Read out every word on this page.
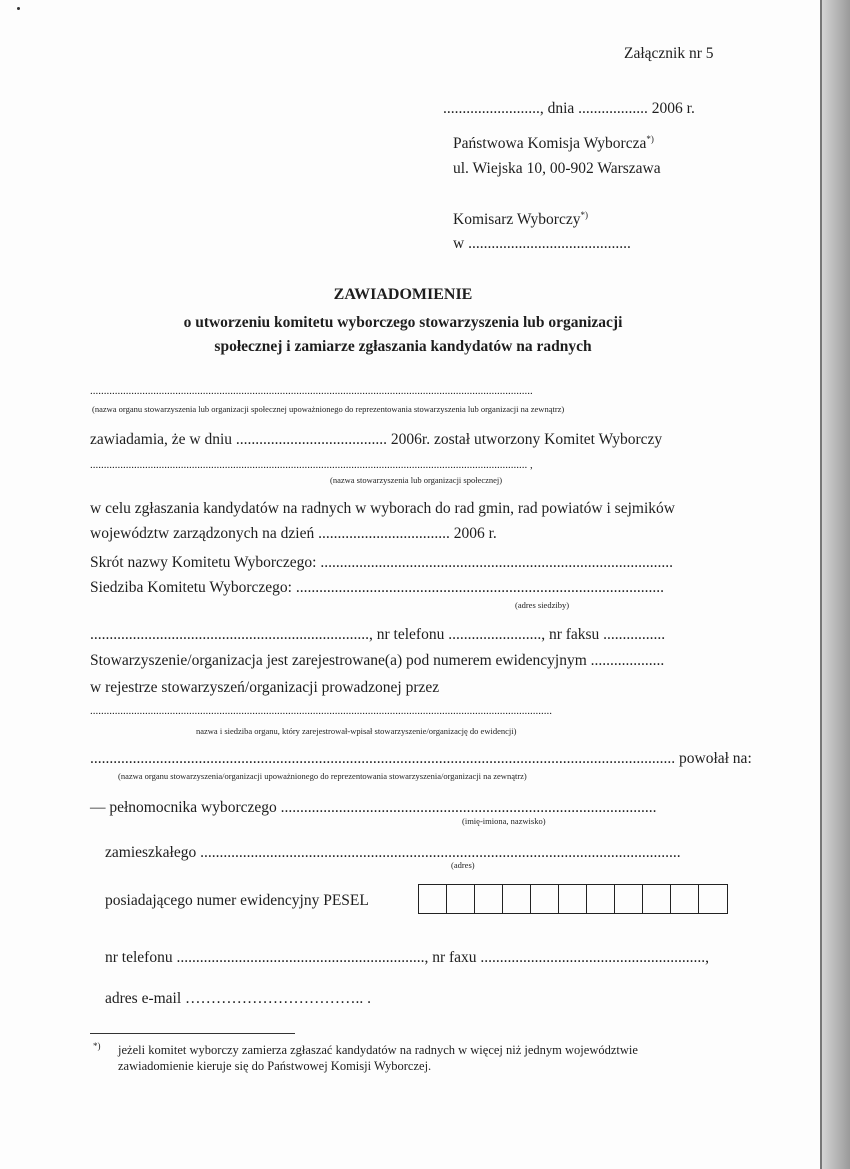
Załącznik nr 5
........................., dnia .................. 2006 r.
Państwowa Komisja Wyborcza*)
ul. Wiejska 10, 00-902 Warszawa
Komisarz Wyborczy*)
w ..........................................
ZAWIADOMIENIE
o utworzeniu komitetu wyborczego stowarzyszenia lub organizacji
społecznej i zamiarze zgłaszania kandydatów na radnych
.................................................................................................................................................................
(nazwa organu stowarzyszenia lub organizacji społecznej upoważnionego do reprezentowania stowarzyszenia lub organizacji na zewnątrz)
zawiadamia, że w dniu ....................................... 2006r. został utworzony Komitet Wyborczy
............................................................................................................................................................... ,
(nazwa stowarzyszenia lub organizacji społecznej)
w celu zgłaszania kandydatów na radnych w wyborach do rad gmin, rad powiatów i sejmików
województw zarządzonych na dzień .................................. 2006 r.
Skrót nazwy Komitetu Wyborczego: ...........................................................................................
Siedziba Komitetu Wyborczego: ...............................................................................................
(adres siedziby)
........................................................................, nr telefonu ........................, nr faksu ................
Stowarzyszenie/organizacja jest zarejestrowane(a) pod numerem ewidencyjnym ...................
w rejestrze stowarzyszeń/organizacji prowadzonej przez
........................................................................................................................................................................
nazwa i siedziba organu, który zarejestrował-wpisał stowarzyszenie/organizację do ewidencji)
....................................................................................................................................................... powołał na:
(nazwa organu stowarzyszenia/organizacji upoważnionego do reprezentowania stowarzyszenia/organizacji na zewnątrz)
— pełnomocnika wyborczego .................................................................................................
(imię-imiona, nazwisko)
zamieszkałego ............................................................................................................................
(adres)
posiadającego numer ewidencyjny PESEL
nr telefonu ................................................................, nr faxu ..........................................................,
adres e-mail …………………………….. .
*) jeżeli komitet wyborczy zamierza zgłaszać kandydatów na radnych w więcej niż jednym województwie
zawiadomienie kieruje się do Państwowej Komisji Wyborczej.
